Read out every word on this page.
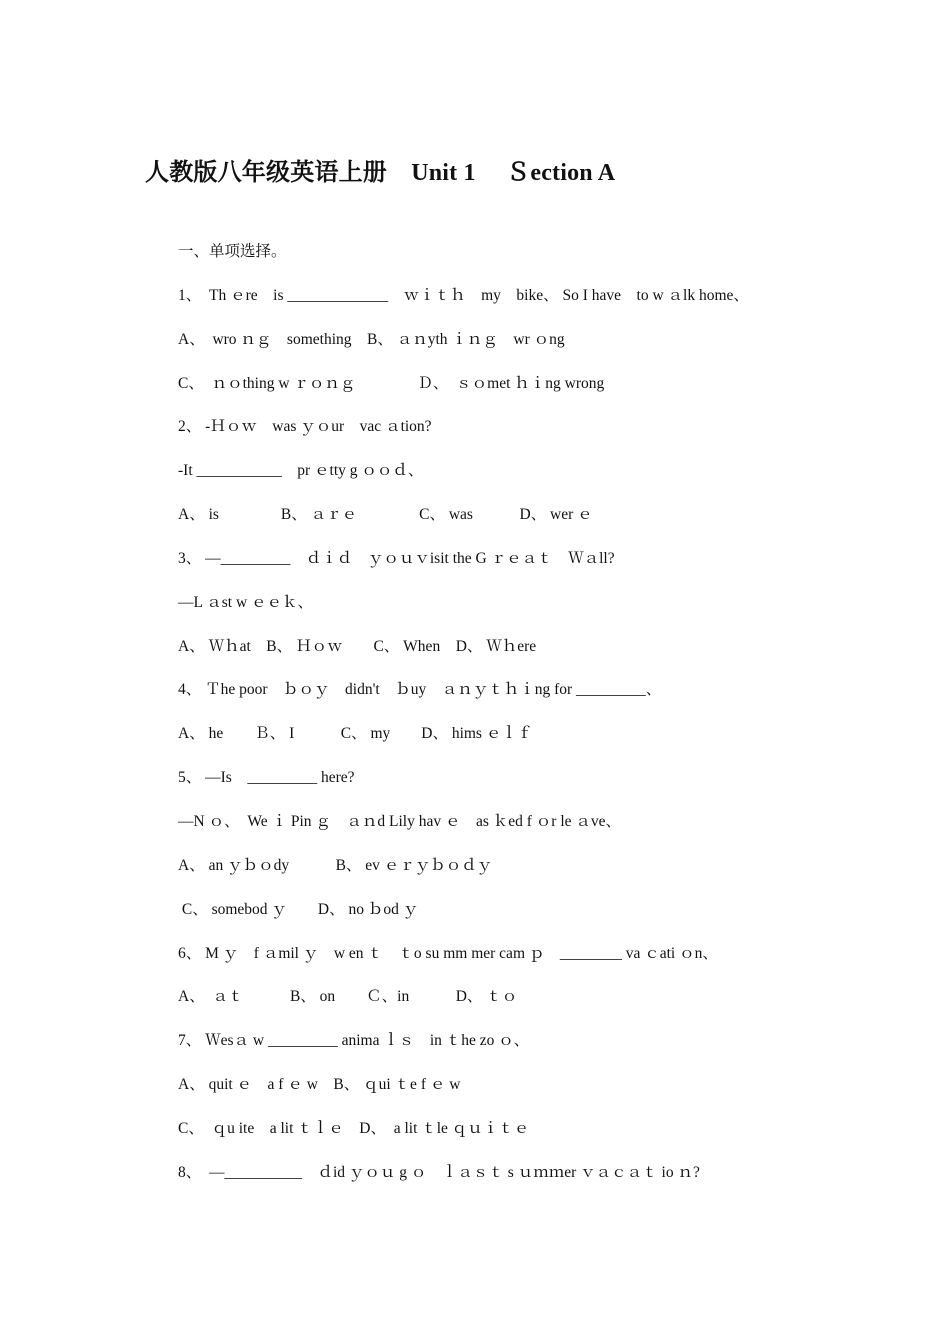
人教版八年级英语上册　Unit 1　 Ｓection A
一、单项选择。
1、　Th ｅre　is _____________　ｗｉｔｈ　my　bike、 So I have　to w ａlk home、
A、　wro ｎｇ　something　B、 ａｎyth ｉｎｇ　wr ｏng
C、　ｎｏthing w ｒｏｎｇ　　　　Ｄ、　ｓｏmet ｈｉng wrong
2、 -Ｈｏｗ　was ｙｏur　vac ａtion?
-It ___________　pr ｅtty g ｏｏｄ、
A、 is　　　　B、 ａｒｅ　　　　C、 was　　　D、 wer ｅ
3、 —_________　ｄｉｄ　ｙｏｕｖisit the G ｒｅａｔ　Ｗａll?
—L ａst w ｅｅｋ、
A、 Ｗｈat　B、 Ｈｏｗ　　C、 When　D、 Ｗｈere
4、 Ｔhe poor　ｂｏｙ　didn't　ｂuy　ａｎｙｔｈｉng for _________、
A、 he　　Ｂ、 I　　　C、 my　　D、 hims ｅｌｆ
5、 —Is　_________ here?
—N ｏ、　We ｉ Pin ｇ　ａｎd Lily hav ｅ　as ｋed f ｏr le ａve、
A、 an ｙｂｏdy　　　B、 ev ｅｒｙｂｏｄｙ
C、 somebod ｙ　　D、 no ｂod ｙ
6、 M ｙ　f ａmil ｙ　w en ｔ　ｔo su mm mer cam ｐ　________ va ｃati ｏn、
A、　ａｔ　　　B、 on　　Ｃ、in　　　D、 ｔｏ
7、 Ｗesａ w _________ anima ｌｓ　in ｔhe zo ｏ、
A、 quit ｅ　a f ｅ w　B、 ｑui ｔe f ｅ w
C、　ｑu ite　a lit ｔｌｅ　D、　a lit ｔle ｑｕｉｔｅ
8、　—__________　ｄid ｙｏｕ g ｏ　ｌａｓｔ s ｕｍｍer ｖａｃａｔ io ｎ?
